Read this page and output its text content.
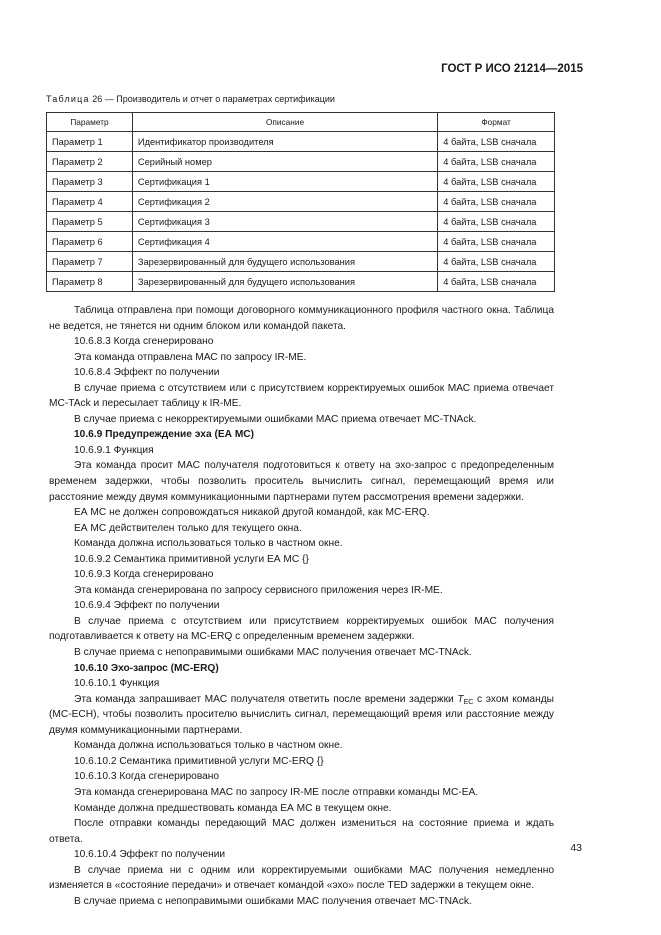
ГОСТ Р ИСО 21214—2015

Таблица 26 — Производитель и отчет о параметрах сертификации

Параметр	Описание	Формат
Параметр 1	Идентификатор производителя	4 байта, LSB сначала
Параметр 2	Серийный номер	4 байта, LSB сначала
Параметр 3	Сертификация 1	4 байта, LSB сначала
Параметр 4	Сертификация 2	4 байта, LSB сначала
Параметр 5	Сертификация 3	4 байта, LSB сначала
Параметр 6	Сертификация 4	4 байта, LSB сначала
Параметр 7	Зарезервированный для будущего использования	4 байта, LSB сначала
Параметр 8	Зарезервированный для будущего использования	4 байта, LSB сначала

Таблица отправлена при помощи договорного коммуникационного профиля частного окна. Таблица не ведется, не тянется ни одним блоком или командой пакета.

10.6.8.3 Когда сгенерировано

Эта команда отправлена МАС по запросу IR-ME.

10.6.8.4 Эффект по получении

В случае приема с отсутствием или с присутствием корректируемых ошибок МАС приема отвечает MC-TAck и пересылает таблицу к IR-ME.

В случае приема с некорректируемыми ошибками МАС приема отвечает MC-TNAck.

10.6.9 Предупреждение эха (ЕА МС)

10.6.9.1 Функция

Эта команда просит МАС получателя подготовиться к ответу на эхо-запрос с предопределенным временем задержки, чтобы позволить проситель вычислить сигнал, перемещающий время или расстояние между двумя коммуникационными партнерами путем рассмотрения времени задержки.

ЕА МС не должен сопровождаться никакой другой командой, как MC-ERQ.

ЕА МС действителен только для текущего окна.

Команда должна использоваться только в частном окне.

10.6.9.2 Семантика примитивной услуги ЕА МС {}

10.6.9.3 Когда сгенерировано

Эта команда сгенерирована по запросу сервисного приложения через IR-ME.

10.6.9.4 Эффект по получении

В случае приема с отсутствием или присутствием корректируемых ошибок МАС получения подготавливается к ответу на MC-ERQ с определенным временем задержки.

В случае приема с непоправимыми ошибками МАС получения отвечает MC-TNAck.

10.6.10 Эхо-запрос (MC-ERQ)

10.6.10.1 Функция

Эта команда запрашивает МАС получателя ответить после времени задержки $T_{EC}$ с эхом команды (MC-ECH), чтобы позволить просителю вычислить сигнал, перемещающий время или расстояние между двумя коммуникационными партнерами.

Команда должна использоваться только в частном окне.

10.6.10.2 Семантика примитивной услуги MC-ERQ {}

10.6.10.3 Когда сгенерировано

Эта команда сгенерирована МАС по запросу IR-ME после отправки команды MC-EA.

Команде должна предшествовать команда ЕА МС в текущем окне.

После отправки команды передающий МАС должен измениться на состояние приема и ждать ответа.

10.6.10.4 Эффект по получении

В случае приема ни с одним или корректируемыми ошибками МАС получения немедленно изменяется в «состояние передачи» и отвечает командой «эхо» после TED задержки в текущем окне.

В случае приема с непоправимыми ошибками МАС получения отвечает MC-TNAck.

43
